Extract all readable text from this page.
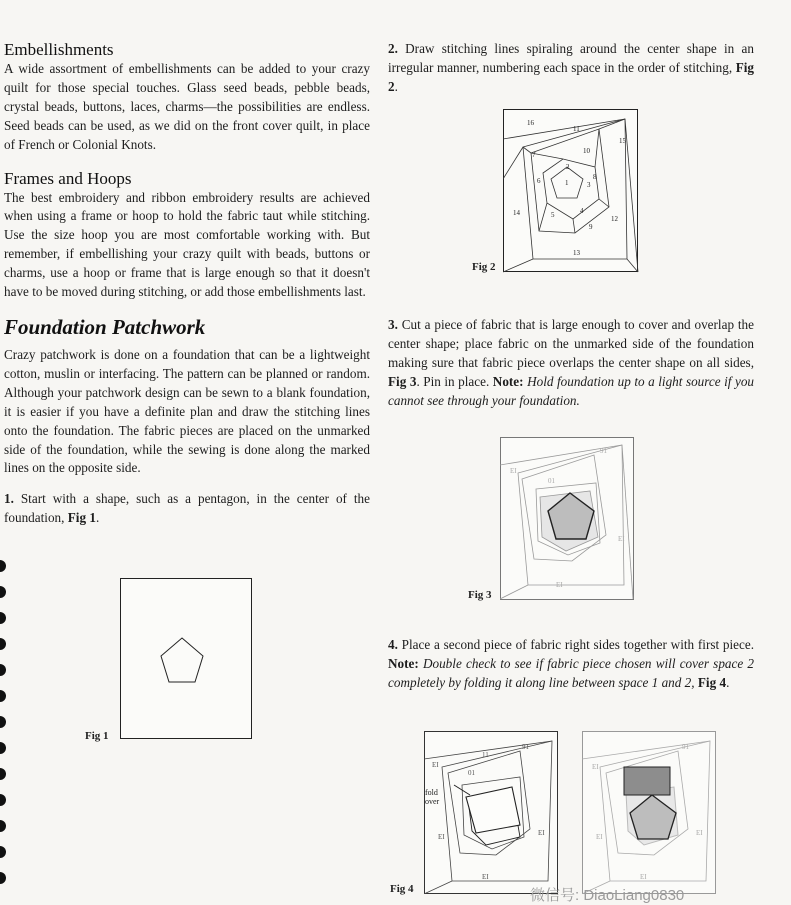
Embellishments

A wide assortment of embellishments can be added to your crazy quilt for those special touches. Glass seed beads, pebble beads, crystal beads, buttons, laces, charms—the possibilities are endless. Seed beads can be used, as we did on the front cover quilt, in place of French or Colonial Knots.

Frames and Hoops

The best embroidery and ribbon embroidery results are achieved when using a frame or hoop to hold the fabric taut while stitching. Use the size hoop you are most comfortable working with. But remember, if embellishing your crazy quilt with beads, buttons or charms, use a hoop or frame that is large enough so that it doesn't have to be moved during stitching, or add those embellishments last.

Foundation Patchwork

Crazy patchwork is done on a foundation that can be a lightweight cotton, muslin or interfacing. The pattern can be planned or random. Although your patchwork design can be sewn to a blank foundation, it is easier if you have a definite plan and draw the stitching lines onto the foundation. The fabric pieces are placed on the unmarked side of the foundation, while the sewing is done along the marked lines on the opposite side.

1. Start with a shape, such as a pentagon, in the center of the foundation, Fig 1.

Fig 1

2. Draw stitching lines spiraling around the center shape in an irregular manner, numbering each space in the order of stitching, Fig 2.

1
2
3
4
5
6
7
8
9
10
11
12
13
14
15
16
Fig 2

3. Cut a piece of fabric that is large enough to cover and overlap the center shape; place fabric on the unmarked side of the foundation making sure that fabric piece overlaps the center shape on all sides, Fig 3. Pin in place. Note: Hold foundation up to a light source if you cannot see through your foundation.

91
ЕІ
ЕІ
ЕІ
01
Fig 3

4. Place a second piece of fabric right sides together with first piece. Note: Double check to see if fabric piece chosen will cover space 2 completely by folding it along line between space 1 and 2, Fig 4.

fold
over
91
11
ЕІ
01
ЕІ
ЕІ
ЕІ
91
ЕІ
ЕІ
ЕІ
ЕІ
Fig 4	微信号: DiaoLiang0830
